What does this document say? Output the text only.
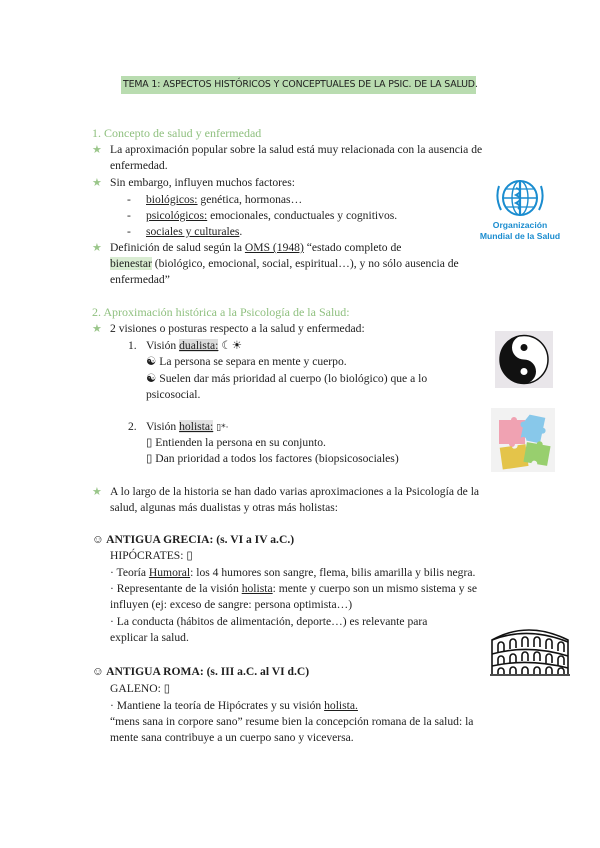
TEMA 1: ASPECTOS HISTÓRICOS Y CONCEPTUALES DE LA PSIC. DE LA SALUD.
1. Concepto de salud y enfermedad
★ La aproximación popular sobre la salud está muy relacionada con la ausencia de
enfermedad.
★ Sin embargo, influyen muchos factores:
- biológicos: genética, hormonas…
- psicológicos: emocionales, conductuales y cognitivos.
- sociales y culturales.
★ Definición de salud según la OMS (1948) “estado completo de
bienestar (biológico, emocional, social, espiritual…), y no sólo ausencia de
enfermedad”
Organización
Mundial de la Salud
2. Aproximación histórica a la Psicología de la Salud:
★ 2 visiones o posturas respecto a la salud y enfermedad:
1. Visión dualista: ☾☀
☯ La persona se separa en mente y cuerpo.
☯ Suelen dar más prioridad al cuerpo (lo biológico) que a lo
psicosocial.
2. Visión holista: ▯*·
▯ Entienden la persona en su conjunto.
▯ Dan prioridad a todos los factores (biopsicosociales)
★ A lo largo de la historia se han dado varias aproximaciones a la Psicología de la
salud, algunas más dualistas y otras más holistas:
☺ ANTIGUA GRECIA: (s. VI a IV a.C.)
HIPÓCRATES: ▯
· Teoría Humoral: los 4 humores son sangre, flema, bilis amarilla y bilis negra.
· Representante de la visión holista: mente y cuerpo son un mismo sistema y se
influyen (ej: exceso de sangre: persona optimista…)
· La conducta (hábitos de alimentación, deporte…) es relevante para
explicar la salud.
☺ ANTIGUA ROMA: (s. III a.C. al VI d.C)
GALENO: ▯
· Mantiene la teoría de Hipócrates y su visión holista.
“mens sana in corpore sano” resume bien la concepción romana de la salud: la
mente sana contribuye a un cuerpo sano y viceversa.
